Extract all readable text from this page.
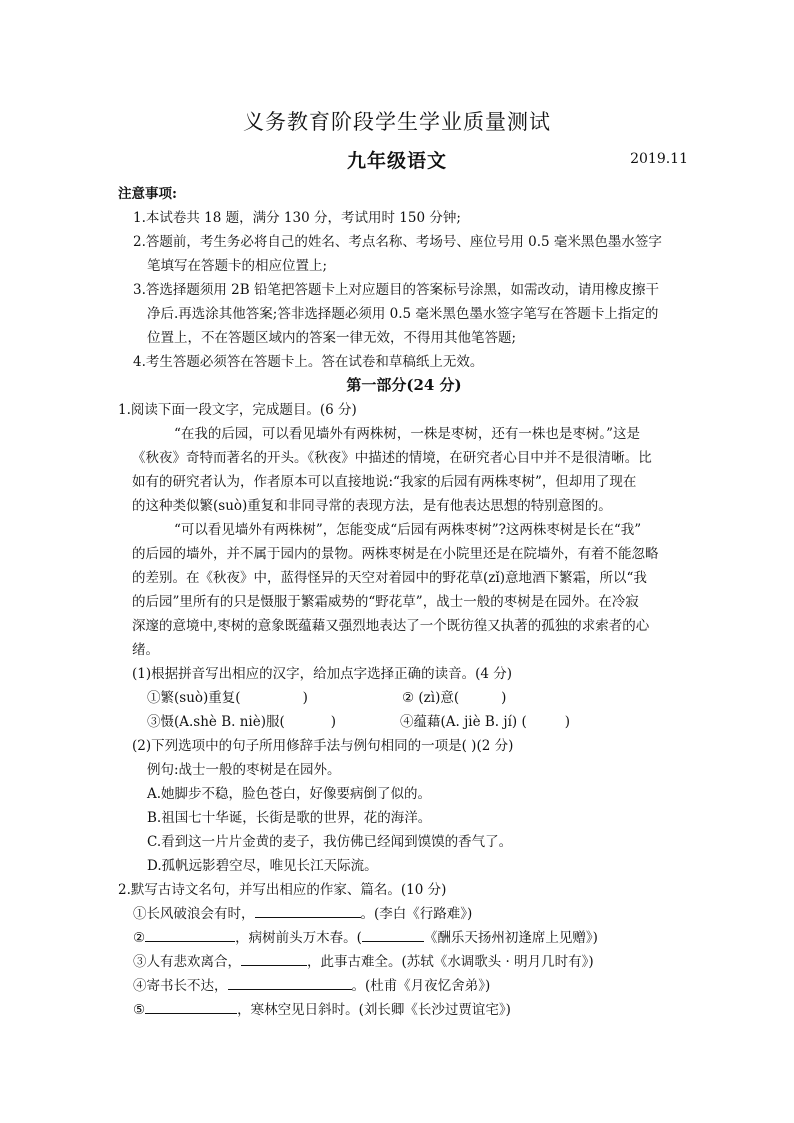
义务教育阶段学生学业质量测试
九年级语文	2019.11
注意事项:
1.本试卷共 18 题，满分 130 分，考试用时 150 分钟;
2.答题前，考生务必将自己的姓名、考点名称、考场号、座位号用 0.5 毫米黑色墨水签字
笔填写在答题卡的相应位置上;
3.答选择题须用 2B 铅笔把答题卡上对应题目的答案标号涂黑，如需改动，请用橡皮擦干
净后.再选涂其他答案;答非选择题必须用 0.5 毫米黑色墨水签字笔写在答题卡上指定的
位置上，不在答题区域内的答案一律无效，不得用其他笔答题;
4.考生答题必须答在答题卡上。答在试卷和草稿纸上无效。
第一部分(24 分)
1.阅读下面一段文字，完成题目。(6 分)
“在我的后园，可以看见墙外有两株树，一株是枣树，还有一株也是枣树。”这是
《秋夜》奇特而著名的开头。《秋夜》中描述的情境，在研究者心目中并不是很清晰。比
如有的研究者认为，作者原本可以直接地说:“我家的后园有两株枣树”，但却用了现在
的这种类似繁(suò)重复和非同寻常的表现方法，是有他表达思想的特别意图的。
“可以看见墙外有两株树”，怎能变成“后园有两株枣树”?这两株枣树是长在“我”
的后园的墙外，并不属于园内的景物。两株枣树是在小院里还是在院墙外，有着不能忽略
的差别。在《秋夜》中，蓝得怪异的天空对着园中的野花草(zǐ)意地酒下繁霜，所以“我
的后园”里所有的只是慑服于繁霜威势的“野花草”，战士一般的枣树是在园外。在冷寂
深邃的意境中,枣树的意象既蕴藉又强烈地表达了一个既彷徨又执著的孤独的求索者的心
绪。
(1)根据拼音写出相应的汉字，给加点字选择正确的读音。(4 分)
①繁(suò)重复(	)	② (zì)意(	)
③慑(A.shè B. niè)服(	)	④蕴藉(A. jiè B. jí) (	)
(2)下列选项中的句子所用修辞手法与例句相同的一项是( )(2 分)
例句:战士一般的枣树是在园外。
A.她脚步不稳，脸色苍白，好像要病倒了似的。
B.祖国七十华诞，长街是歌的世界，花的海洋。
C.看到这一片片金黄的麦子，我仿佛已经闻到馍馍的香气了。
D.孤帆远影碧空尽，唯见长江天际流。
2.默写古诗文名句，并写出相应的作家、篇名。(10 分)
①长风破浪会有时，	。(李白《行路难》)
②	，病树前头万木春。(	《酬乐天扬州初逢席上见赠》)
③人有悲欢离合，	，此事古难全。(苏轼《水调歌头 · 明月几时有》)
④寄书长不达，	。(杜甫《月夜忆舍弟》)
⑤	，寒林空见日斜时。(刘长卿《长沙过贾谊宅》)
